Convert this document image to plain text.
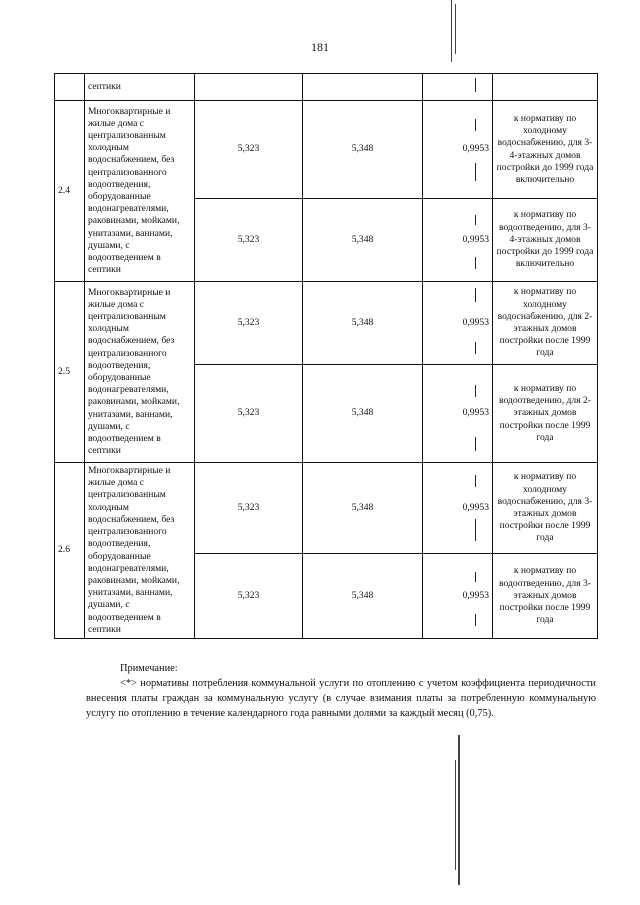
181
	септики			

2.4	Многоквартирные и жилые дома с централизованным холодным водоснабжением, без централизованного водоотведения, оборудованные водонагревателями, раковинами, мойками, унитазами, ваннами, душами, с водоотведением в септики	5,323	5,348	0,9953	к нормативу по холодному водоснабжению, для 3-4-этажных домов постройки до 1999 года включительно
		5,323	5,348	0,9953	к нормативу по водоотведению, для 3-4-этажных домов постройки до 1999 года включительно
2.5	Многоквартирные и жилые дома с централизованным холодным водоснабжением, без централизованного водоотведения, оборудованные водонагревателями, раковинами, мойками, унитазами, ваннами, душами, с водоотведением в септики	5,323	5,348	0,9953	к нормативу по холодному водоснабжению, для 2-этажных домов постройки после 1999 года
		5,323	5,348	0,9953	к нормативу по водоотведению, для 2-этажных домов постройки после 1999 года
2.6	Многоквартирные и жилые дома с централизованным холодным водоснабжением, без централизованного водоотведения, оборудованные водонагревателями, раковинами, мойками, унитазами, ваннами, душами, с водоотведением в септики	5,323	5,348	0,9953	к нормативу по холодному водоснабжению, для 3-этажных домов постройки после 1999 года
		5,323	5,348	0,9953	к нормативу по водоотведению, для 3-этажных домов постройки после 1999 года
Примечание:
<*> нормативы потребления коммунальной услуги по отоплению с учетом коэффициента периодичности внесения платы граждан за коммунальную услугу (в случае взимания платы за потребленную коммунальную услугу по отоплению в течение календарного года равными долями за каждый месяц (0,75).
